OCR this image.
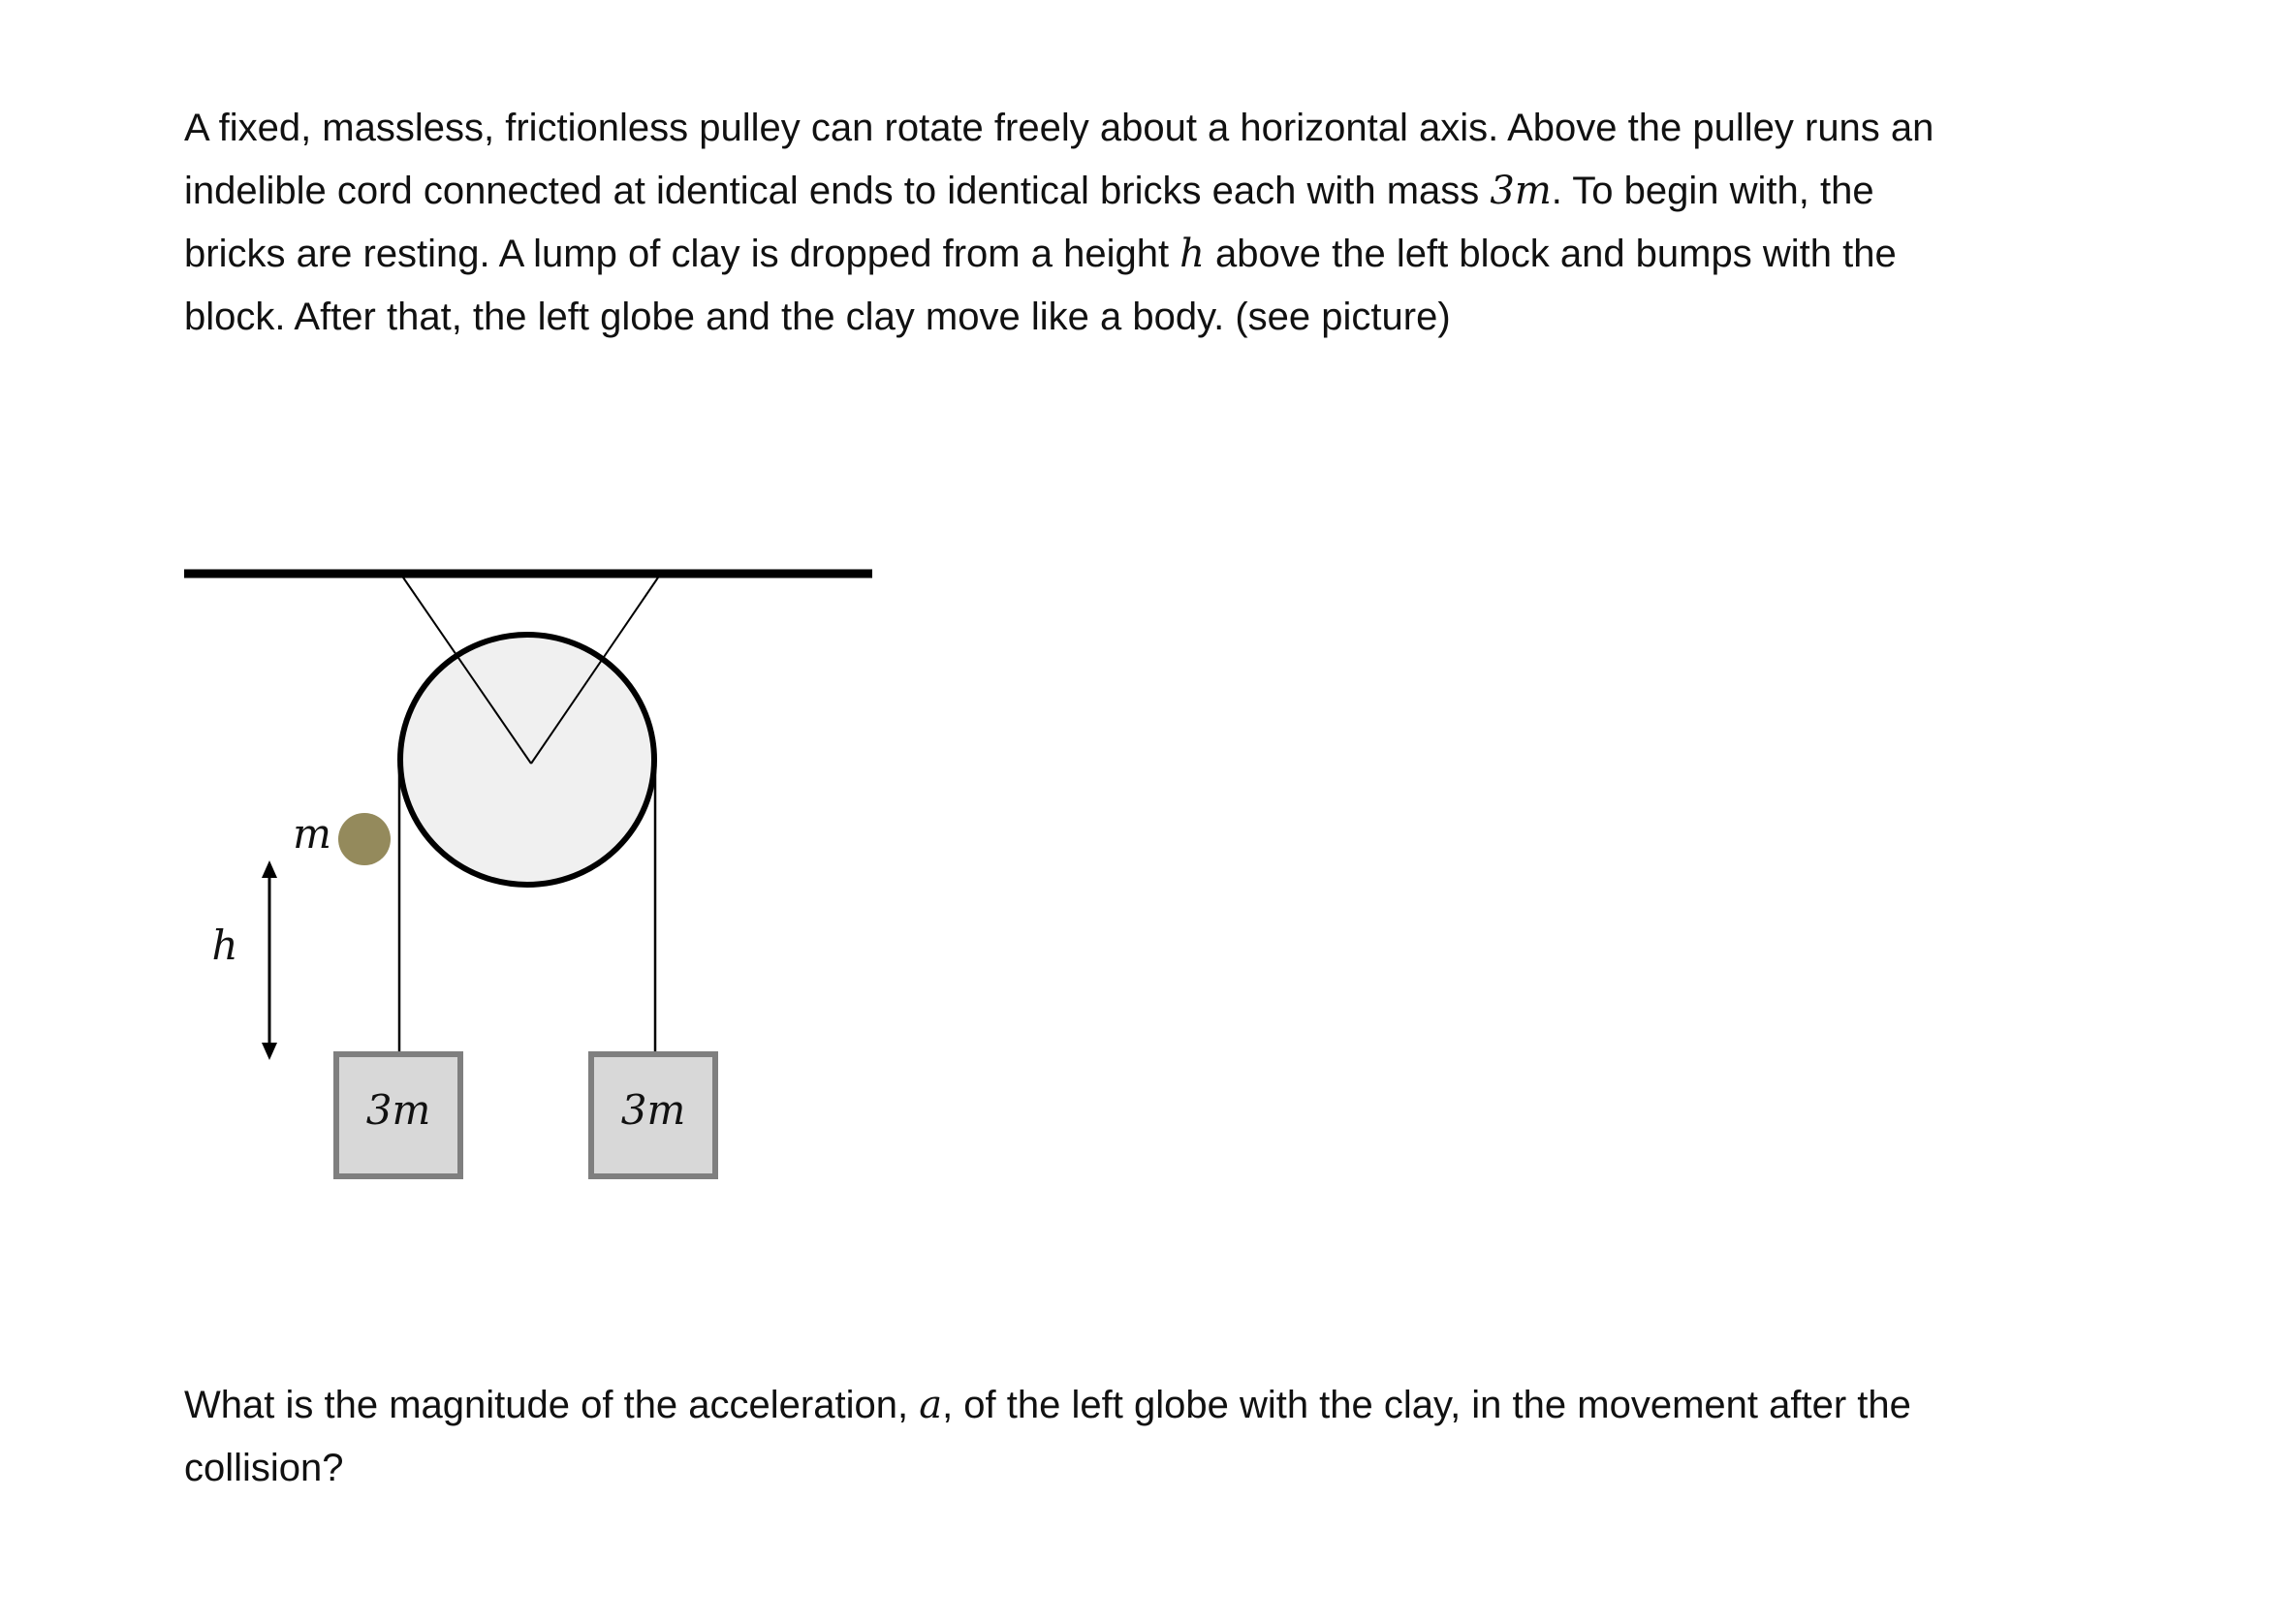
A fixed, massless, frictionless pulley can rotate freely about a horizontal axis. Above the pulley runs an
indelible cord connected at identical ends to identical bricks each with mass 3m. To begin with, the
bricks are resting. A lump of clay is dropped from a height h above the left block and bumps with the
block. After that, the left globe and the clay move like a body. (see picture)

3m	3m
m
h

What is the magnitude of the acceleration, a, of the left globe with the clay, in the movement after the
collision?
